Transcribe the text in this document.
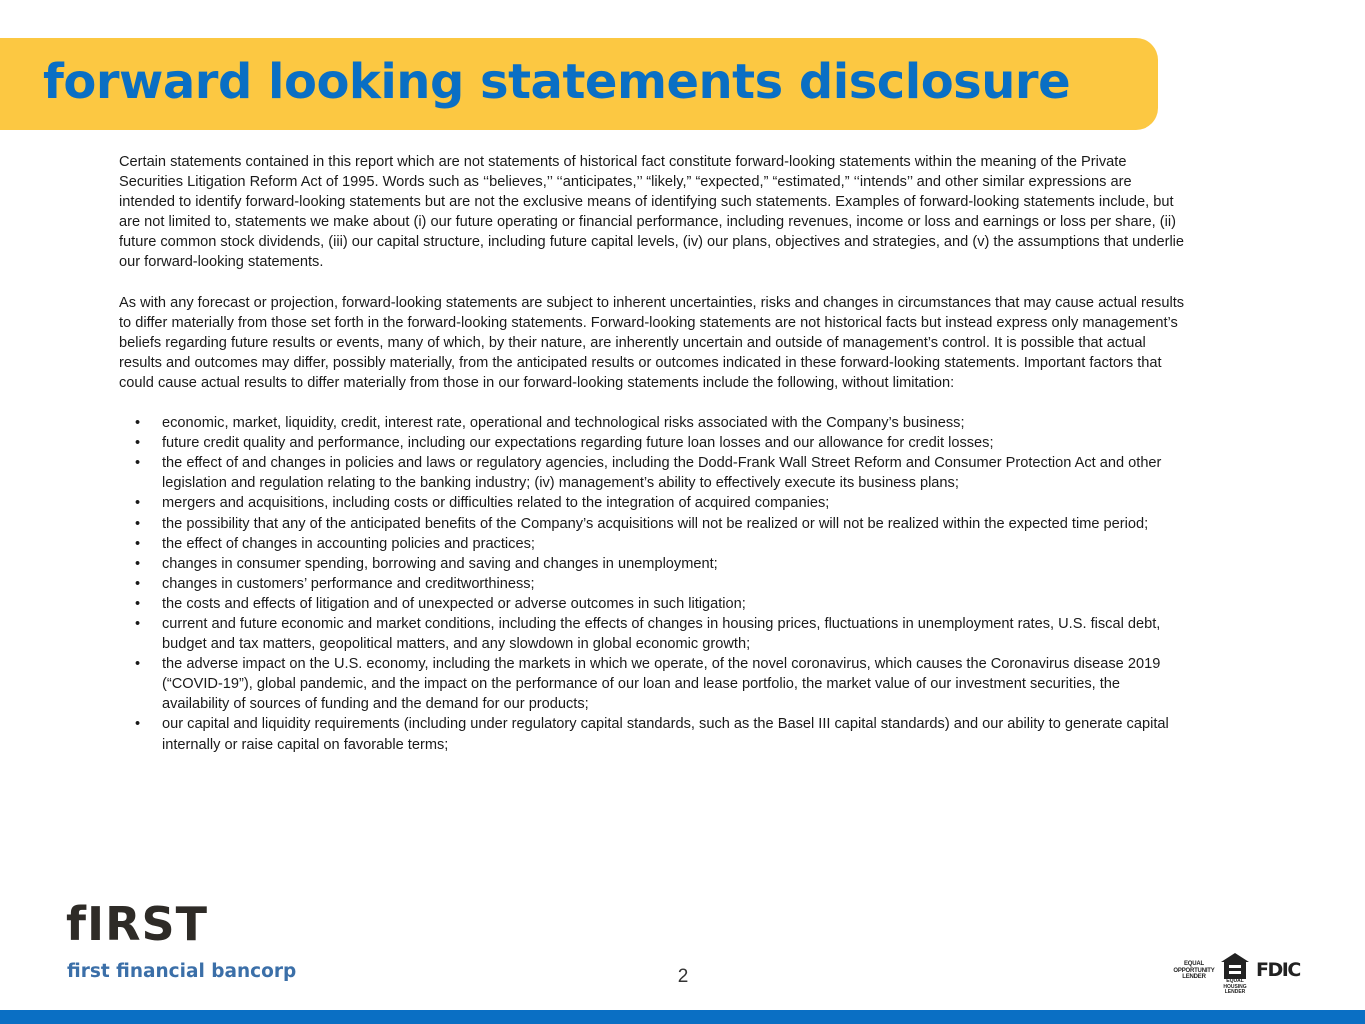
forward looking statements disclosure

Certain statements contained in this report which are not statements of historical fact constitute forward-looking statements within the meaning of the Private Securities Litigation Reform Act of 1995. Words such as ‘‘believes,’’ ‘‘anticipates,’’ “likely,” “expected,” “estimated,” ‘‘intends’’ and other similar expressions are intended to identify forward-looking statements but are not the exclusive means of identifying such statements. Examples of forward-looking statements include, but are not limited to, statements we make about (i) our future operating or financial performance, including revenues, income or loss and earnings or loss per share, (ii) future common stock dividends, (iii) our capital structure, including future capital levels, (iv) our plans, objectives and strategies, and (v) the assumptions that underlie our forward-looking statements.

As with any forecast or projection, forward-looking statements are subject to inherent uncertainties, risks and changes in circumstances that may cause actual results to differ materially from those set forth in the forward-looking statements. Forward-looking statements are not historical facts but instead express only management’s beliefs regarding future results or events, many of which, by their nature, are inherently uncertain and outside of management’s control. It is possible that actual results and outcomes may differ, possibly materially, from the anticipated results or outcomes indicated in these forward-looking statements. Important factors that could cause actual results to differ materially from those in our forward-looking statements include the following, without limitation:

• economic, market, liquidity, credit, interest rate, operational and technological risks associated with the Company’s business;
• future credit quality and performance, including our expectations regarding future loan losses and our allowance for credit losses;
• the effect of and changes in policies and laws or regulatory agencies, including the Dodd-Frank Wall Street Reform and Consumer Protection Act and other legislation and regulation relating to the banking industry; (iv) management’s ability to effectively execute its business plans;
• mergers and acquisitions, including costs or difficulties related to the integration of acquired companies;
• the possibility that any of the anticipated benefits of the Company’s acquisitions will not be realized or will not be realized within the expected time period;
• the effect of changes in accounting policies and practices;
• changes in consumer spending, borrowing and saving and changes in unemployment;
• changes in customers’ performance and creditworthiness;
• the costs and effects of litigation and of unexpected or adverse outcomes in such litigation;
• current and future economic and market conditions, including the effects of changes in housing prices, fluctuations in unemployment rates, U.S. fiscal debt, budget and tax matters, geopolitical matters, and any slowdown in global economic growth;
• the adverse impact on the U.S. economy, including the markets in which we operate, of the novel coronavirus, which causes the Coronavirus disease 2019 (“COVID-19”), global pandemic, and the impact on the performance of our loan and lease portfolio, the market value of our investment securities, the availability of sources of funding and the demand for our products;
• our capital and liquidity requirements (including under regulatory capital standards, such as the Basel III capital standards) and our ability to generate capital internally or raise capital on favorable terms;
fIRST
first financial bancorp	2
EQUAL
OPPORTUNITY
LENDER
EQUAL HOUSING
LENDER
FDIC
